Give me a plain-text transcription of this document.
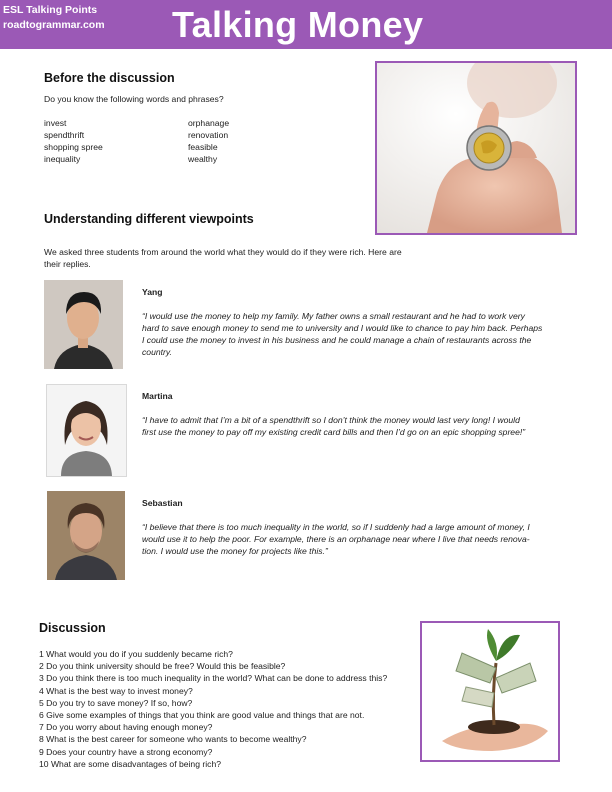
ESL Talking Points
roadtogrammar.com Talking Money
Before the discussion
Do you know the following words and phrases?
invest
spendthrift
shopping spree
inequality
orphanage
renovation
feasible
wealthy
Understanding different viewpoints
We asked three students from around the world what they would do if they were rich. Here are
their replies.
Yang
“I would use the money to help my family. My father owns a small restaurant and he had to work very
hard to save enough money to send me to university and I would like to chance to pay him back. Perhaps
I could use the money to invest in his business and he could manage a chain of restaurants across the
country.
Martina
“I have to admit that I’m a bit of a spendthrift so I don’t think the money would last very long! I would
first use the money to pay off my existing credit card bills and then I’d go on an epic shopping spree!”
Sebastian
“I believe that there is too much inequality in the world, so if I suddenly had a large amount of money, I
would use it to help the poor. For example, there is an orphanage near where I live that needs renova-
tion. I would use the money for projects like this.”
Discussion
1 What would you do if you suddenly became rich?
2 Do you think university should be free? Would this be feasible?
3 Do you think there is too much inequality in the world? What can be done to address this?
4 What is the best way to invest money?
5 Do you try to save money? If so, how?
6 Give some examples of things that you think are good value and things that are not.
7 Do you worry about having enough money?
8 What is the best career for someone who wants to become wealthy?
9 Does your country have a strong economy?
10 What are some disadvantages of being rich?
